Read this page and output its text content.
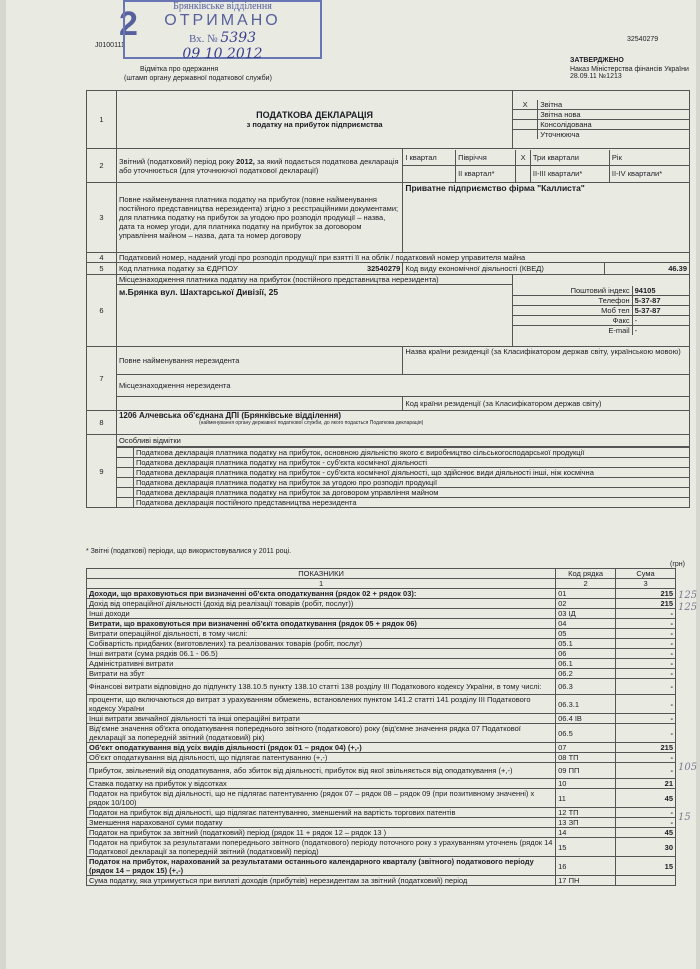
J0100111
2	Брянківське відділення
ОТРИМАНО
Вх. № 5393
09 10 2012
Відмітка про одержання
(штамп органу державної податкової служби)
32540279
ЗАТВЕРДЖЕНО
Наказ Міністерства фінансів України 28.09.11 №1213
1	ПОДАТКОВА ДЕКЛАРАЦІЯ
з податку на прибуток підприємства

X	Звітна
	Звітна нова
	Консолідована
	Уточнююча

2	Звітний (податковий) період року 2012, за який подається податкова декларація або уточнюється (для уточнюючої податкової декларації)	
I квартал	Півріччя	X	Три квартали	Рік
	II квартал*		II-III квартали*	II-IV квартали*

3	Повне найменування платника податку на прибуток (повне найменування постійного представництва нерезидента) згідно з реєстраційними документами; для платника податку на прибуток за угодою про розподіл продукції – назва, дата та номер угоди, для платника податку на прибуток за договором управління майном – назва, дата та номер договору	Приватне підприємство фірма "Каллиста"
4	Податковий номер, наданий угоді про розподіл продукції при взятті її на облік / податковий номер управителя майна
5	Код платника податку за ЄДРПОУ	32540279	Код виду економічної діяльності (КВЕД)	46.39
6	
Місцезнаходження платника податку на прибуток (постійного представництва нерезидента)
м.Брянка вул. Шахтарської Дивізії, 25
		Поштовий індекс	94105
Телефон	5-37-87
Моб тел	5-37-87
Факс	-
E-mail	-

7	Повне найменування нерезидента	Назва країни резиденції (за Класифікатором держав світу, українською мовою)
Місцезнаходження нерезидента
	Код країни резиденції (за Класифікатором держав світу)
8	
1206 Алчевська об'єднана ДПІ (Брянківське відділення)
(найменування органу державної податкової служби, до якого подається Податкова декларація)

9	
Особливі відмітки
	Податкова декларація платника податку на прибуток, основною діяльністю якого є виробництво сільськогосподарської продукції
	Податкова декларація платника податку на прибуток - суб'єкта космічної діяльності
	Податкова декларація платника податку на прибуток - суб'єкта космічної діяльності, що здійснює види діяльності інші, ніж космічна
	Податкова декларація платника податку на прибуток за угодою про розподіл продукції
	Податкова декларація платника податку на прибуток за договором управління майном
	Податкова декларація постійного представництва нерезидента
* Звітні (податкові) періоди, що використовувалися у 2011 році.
(грн)
ПОКАЗНИКИ	Код рядка	Сума
1	2	3
Доходи, що враховуються при визначенні об'єкта оподаткування (рядок 02 + рядок 03):	01	215
Дохід від операційної діяльності (дохід від реалізації товарів (робіт, послуг))	02	215
Інші доходи	03 ІД	-
Витрати, що враховуються при визначенні об'єкта оподаткування (рядок 05 + рядок 06)	04	-
Витрати операційної діяльності, в тому числі:	05	-
Собівартість придбаних (виготовлених) та реалізованих товарів (робіт, послуг)	05.1	-
Інші витрати (сума рядків 06.1 - 06.5)	06	-
Адміністративні витрати	06.1	-
Витрати на збут	06.2	-
Фінансові витрати відповідно до підпункту 138.10.5 пункту 138.10 статті 138 розділу ІІІ Податкового кодексу України, в тому числі:	06.3	-
проценти, що включаються до витрат з урахуванням обмежень, встановлених пунктом 141.2 статті 141 розділу ІІІ Податкового кодексу України	06.3.1	-
Інші витрати звичайної діяльності та інші операційні витрати	06.4 ІВ	-
Від'ємне значення об'єкта оподаткування попереднього звітного (податкового) року (від'ємне значення рядка 07 Податкової декларації за попередній звітний (податковий) рік)	06.5	-
Об'єкт оподаткування від усіх видів діяльності (рядок 01 – рядок 04) (+,-)	07	215
Об'єкт оподаткування від діяльності, що підлягає патентуванню (+,-)	08 ТП	-
Прибуток, звільнений від оподаткування, або збиток від діяльності, прибуток від якої звільняється від оподаткування (+,-)	09 ПП	-
Ставка податку на прибуток у відсотках	10	21
Податок на прибуток від діяльності, що не підлягає патентуванню (рядок 07 – рядок 08 – рядок 09 (при позитивному значенні) х рядок 10/100)	11	45
Податок на прибуток від діяльності, що підлягає патентуванню, зменшений на вартість торгових патентів	12 ТП	-
Зменшення нарахованої суми податку	13 ЗП	-
Податок на прибуток за звітний (податковий) період (рядок 11 + рядок 12 – рядок 13 )	14	45
Податок на прибуток за результатами попереднього звітного (податкового) періоду поточного року з урахуванням уточнень (рядок 14 Податкової декларації за попередній звітний (податковий) період)	15	30
Податок на прибуток, нарахований за результатами останнього календарного кварталу (звітного) податкового періоду (рядок 14 – рядок 15) (+,-)	16	15
Сума податку, яка утримується при виплаті доходів (прибутків) нерезидентам за звітний (податковий) період	17 ПН	
125
125
105
15
